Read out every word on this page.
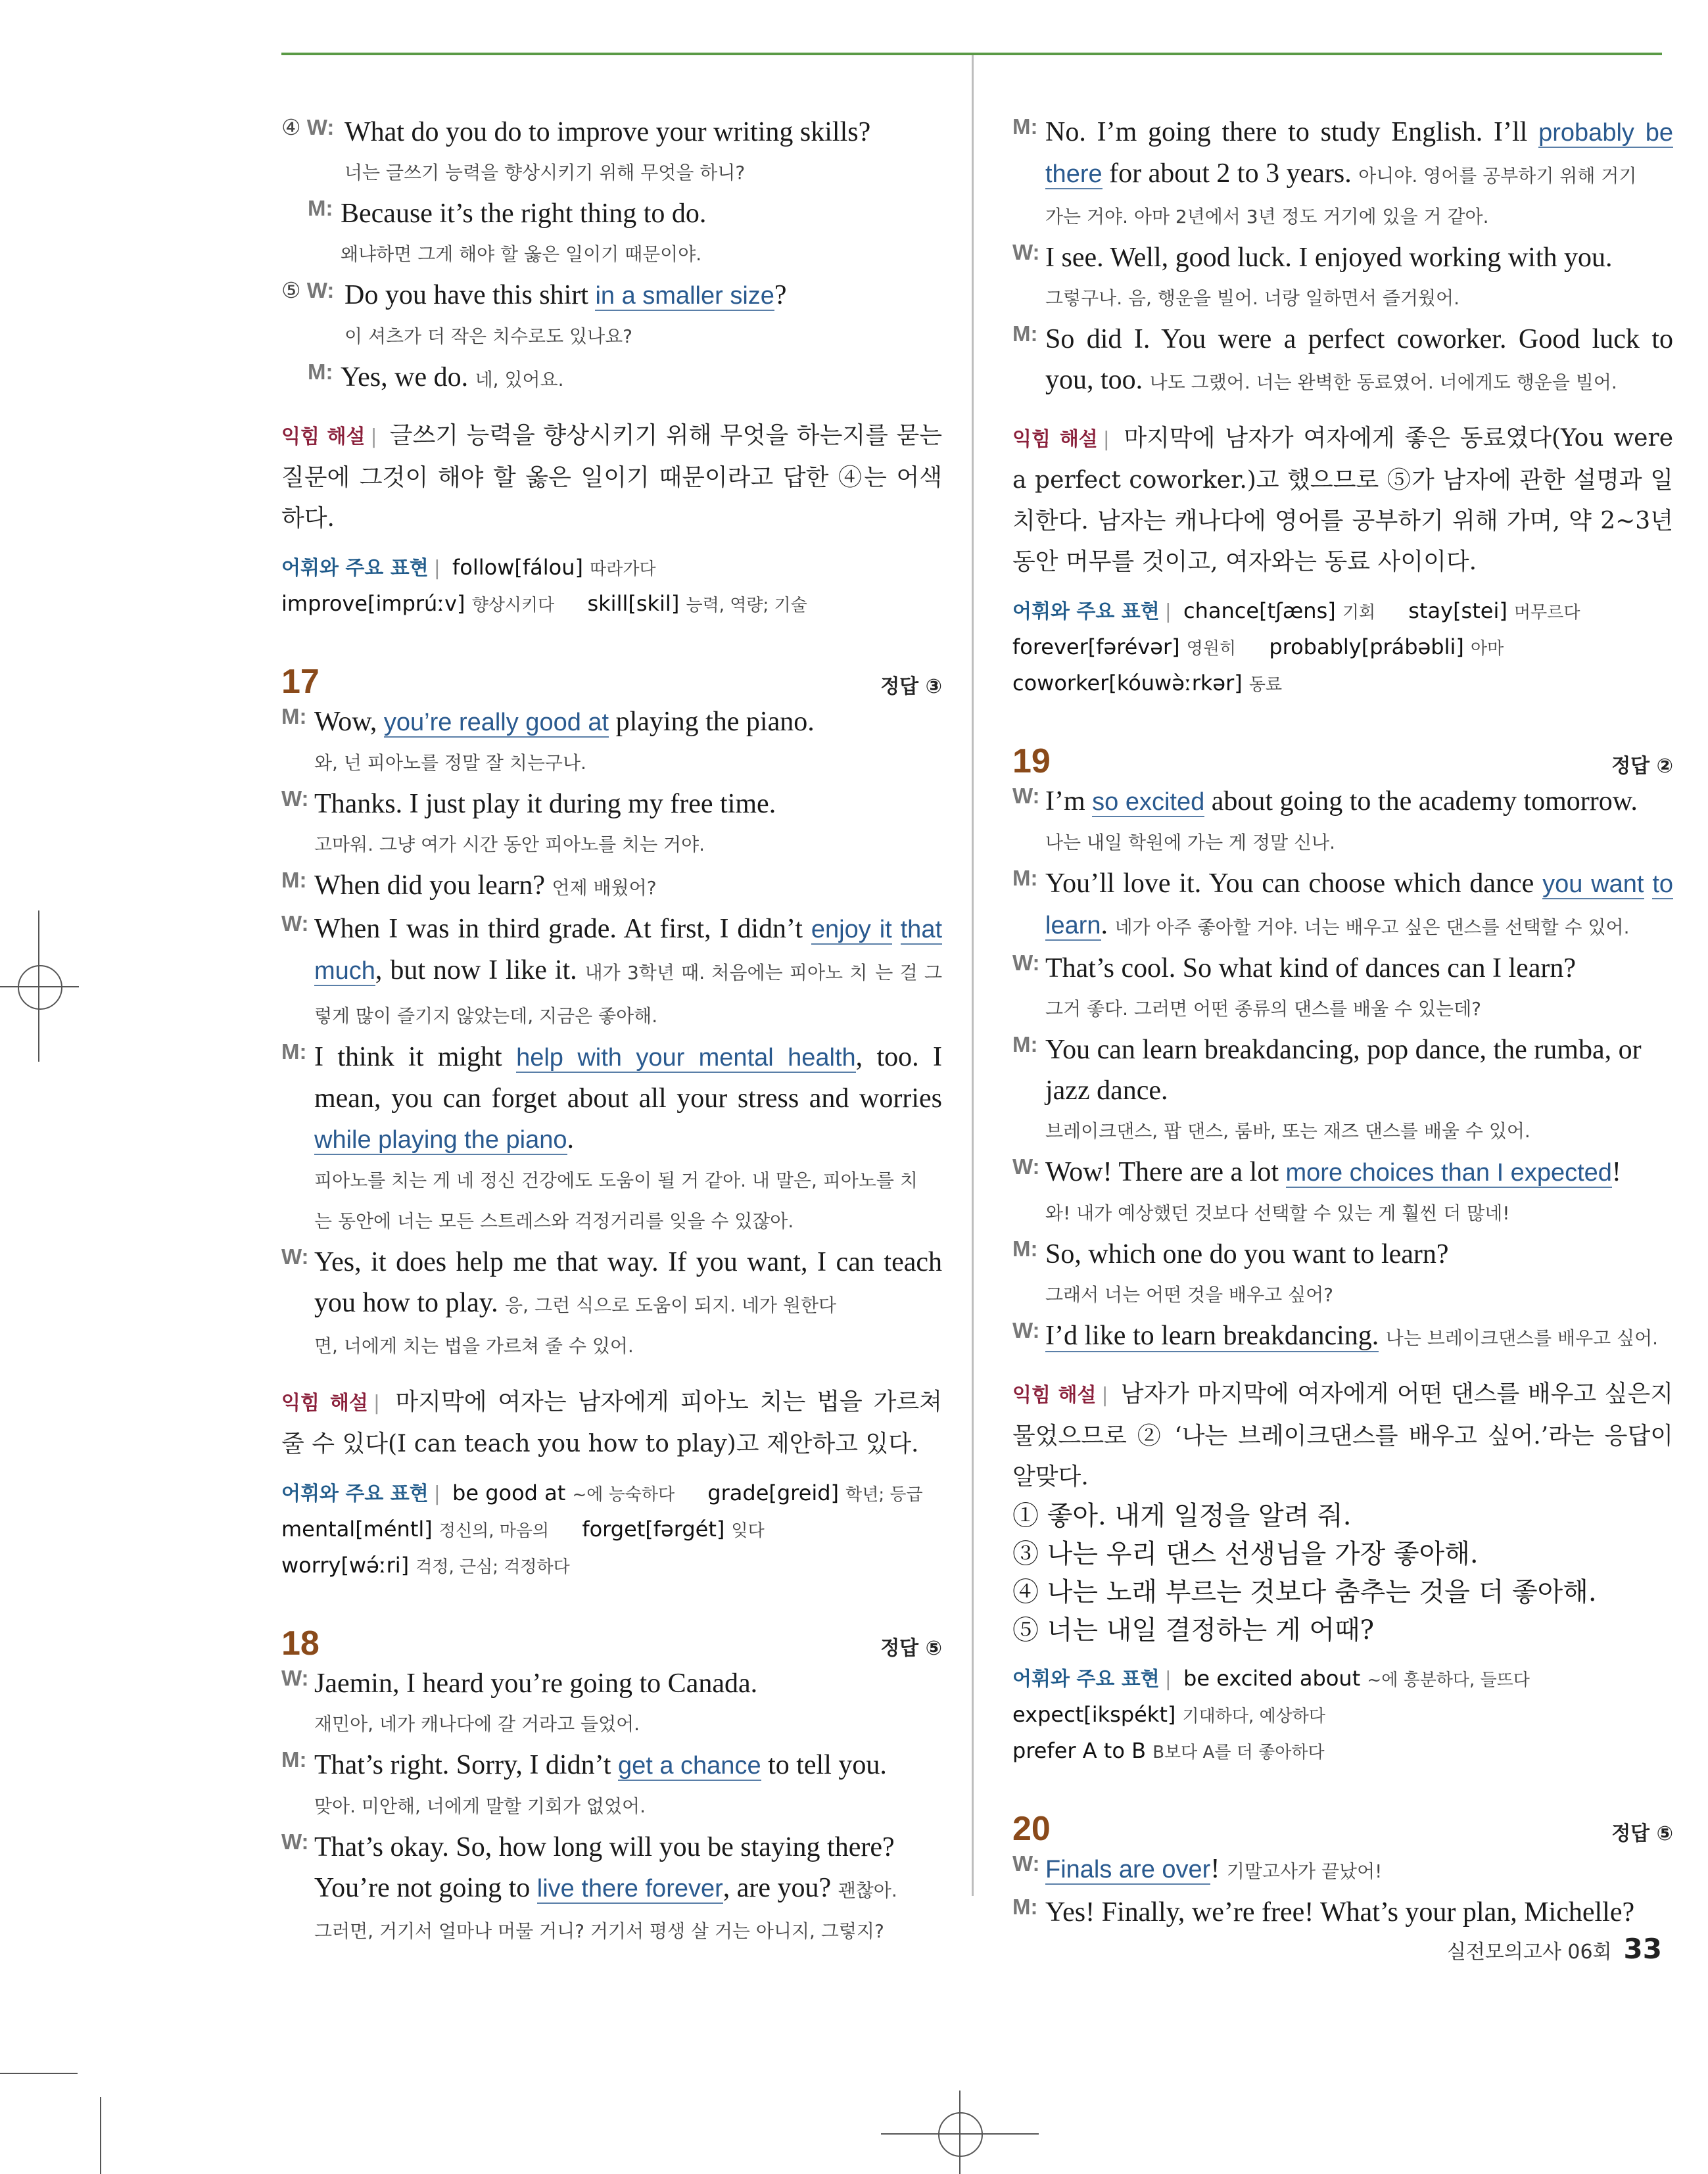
④ W: What do you do to improve your writing skills?
너는 글쓰기 능력을 향상시키기 위해 무엇을 하니?
M: Because it’s the right thing to do.
왜냐하면 그게 해야 할 옳은 일이기 때문이야.
⑤ W: Do you have this shirt in a smaller size?
이 셔츠가 더 작은 치수로도 있나요?
M: Yes, we do. 네, 있어요.
익힘 해설 | 글쓰기 능력을 향상시키기 위해 무엇을 하는지를 묻는 질문에 그것이 해야 할 옳은 일이기 때문이라고 답한 ④는 어색하다.
어휘와 주요 표현 | follow[fálou] 따라가다
improve[imprúːv] 향상시키다 skill[skil] 능력, 역량; 기술
17	정답 ③
M: Wow, you’re really good at playing the piano.
와, 넌 피아노를 정말 잘 치는구나.
W: Thanks. I just play it during my free time.
고마워. 그냥 여가 시간 동안 피아노를 치는 거야.
M: When did you learn? 언제 배웠어?
W: When I was in third grade. At first, I didn’t enjoy it that much, but now I like it. 내가 3학년 때. 처음에는 피아노 치 는 걸 그렇게 많이 즐기지 않았는데, 지금은 좋아해.
M: I think it might help with your mental health, too. I mean, you can forget about all your stress and worries while playing the piano.
피아노를 치는 게 네 정신 건강에도 도움이 될 거 같아. 내 말은, 피아노를 치
는 동안에 너는 모든 스트레스와 걱정거리를 잊을 수 있잖아.
W: Yes, it does help me that way. If you want, I can teach you how to play. 응, 그런 식으로 도움이 되지. 네가 원한다
면, 너에게 치는 법을 가르쳐 줄 수 있어.
익힘 해설 | 마지막에 여자는 남자에게 피아노 치는 법을 가르쳐 줄 수 있다(I can teach you how to play)고 제안하고 있다.
어휘와 주요 표현 | be good at ~에 능숙하다 grade[greid] 학년; 등급
mental[méntl] 정신의, 마음의 forget[fərgét] 잊다
worry[wə́ːri] 걱정, 근심; 걱정하다
18	정답 ⑤
W: Jaemin, I heard you’re going to Canada.
재민아, 네가 캐나다에 갈 거라고 들었어.
M: That’s right. Sorry, I didn’t get a chance to tell you.
맞아. 미안해, 너에게 말할 기회가 없었어.
W: That’s okay. So, how long will you be staying there? You’re not going to live there forever, are you? 괜찮아.
그러면, 거기서 얼마나 머물 거니? 거기서 평생 살 거는 아니지, 그렇지?
M: No. I’m going there to study English. I’ll probably be there for about 2 to 3 years. 아니야. 영어를 공부하기 위해 거기
가는 거야. 아마 2년에서 3년 정도 거기에 있을 거 같아.
W: I see. Well, good luck. I enjoyed working with you.
그렇구나. 음, 행운을 빌어. 너랑 일하면서 즐거웠어.
M: So did I. You were a perfect coworker. Good luck to you, too. 나도 그랬어. 너는 완벽한 동료였어. 너에게도 행운을 빌어.
익힘 해설 | 마지막에 남자가 여자에게 좋은 동료였다(You were a perfect coworker.)고 했으므로 ⑤가 남자에 관한 설명과 일치한다. 남자는 캐나다에 영어를 공부하기 위해 가며, 약 2~3년 동안 머무를 것이고, 여자와는 동료 사이이다.
어휘와 주요 표현 | chance[tʃæns] 기회 stay[stei] 머무르다
forever[fərévər] 영원히 probably[prábəbli] 아마
coworker[kóuwə̀ːrkər] 동료
19	정답 ②
W: I’m so excited about going to the academy tomorrow.
나는 내일 학원에 가는 게 정말 신나.
M: You’ll love it. You can choose which dance you want to learn. 네가 아주 좋아할 거야. 너는 배우고 싶은 댄스를 선택할 수 있어.
W: That’s cool. So what kind of dances can I learn?
그거 좋다. 그러면 어떤 종류의 댄스를 배울 수 있는데?
M: You can learn breakdancing, pop dance, the rumba, or jazz dance.
브레이크댄스, 팝 댄스, 룸바, 또는 재즈 댄스를 배울 수 있어.
W: Wow! There are a lot more choices than I expected!
와! 내가 예상했던 것보다 선택할 수 있는 게 훨씬 더 많네!
M: So, which one do you want to learn?
그래서 너는 어떤 것을 배우고 싶어?
W: I’d like to learn breakdancing. 나는 브레이크댄스를 배우고 싶어.
익힘 해설 | 남자가 마지막에 여자에게 어떤 댄스를 배우고 싶은지 물었으므로 ② ‘나는 브레이크댄스를 배우고 싶어.’라는 응답이 알맞다.
① 좋아. 내게 일정을 알려 줘.
③ 나는 우리 댄스 선생님을 가장 좋아해.
④ 나는 노래 부르는 것보다 춤추는 것을 더 좋아해.
⑤ 너는 내일 결정하는 게 어때?
어휘와 주요 표현 | be excited about ~에 흥분하다, 들뜨다
expect[ikspékt] 기대하다, 예상하다
prefer A to B B보다 A를 더 좋아하다
20	정답 ⑤
W: Finals are over! 기말고사가 끝났어!
M: Yes! Finally, we’re free! What’s your plan, Michelle?
실전모의고사 06회 33
